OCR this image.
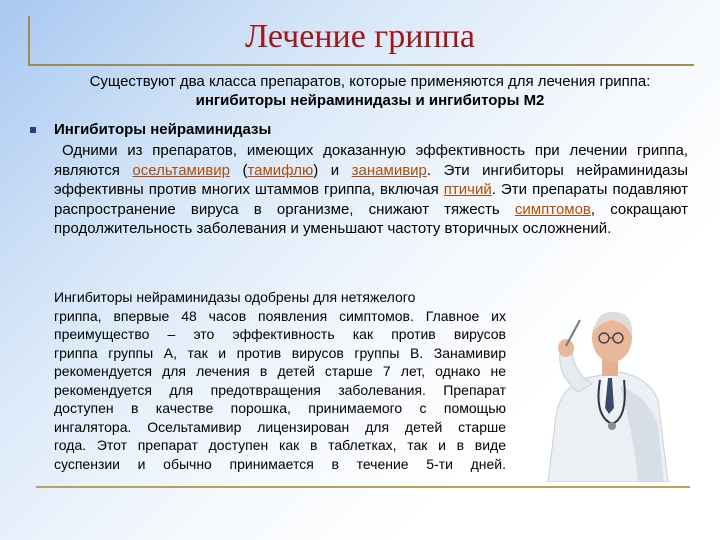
Лечение гриппа
Существуют два класса препаратов, которые применяются для лечения гриппа:
ингибиторы нейраминидазы и ингибиторы М2
Ингибиторы нейраминидазы

Одними из препаратов, имеющих доказанную эффективность при лечении гриппа, являются осельтамивир (тамифлю) и занамивир. Эти ингибиторы нейраминидазы эффективны против многих штаммов гриппа, включая птичий. Эти препараты подавляют распространение вируса в организме, снижают тяжесть симптомов, сокращают продолжительность заболевания и уменьшают частоту вторичных осложнений.

Ингибиторы нейраминидазы одобрены для нетяжелого
гриппа, впервые 48 часов появления симптомов. Главное их
преимущество – это эффективность как против вирусов
гриппа группы А, так и против вирусов группы В. Занамивир
рекомендуется для лечения в детей старше 7 лет, однако не
рекомендуется для предотвращения заболевания. Препарат
доступен в качестве порошка, принимаемого с помощью
ингалятора. Осельтамивир лицензирован для детей старше
года. Этот препарат доступен как в таблетках, так и в виде
суспензии и обычно принимается в течение 5-ти дней.
